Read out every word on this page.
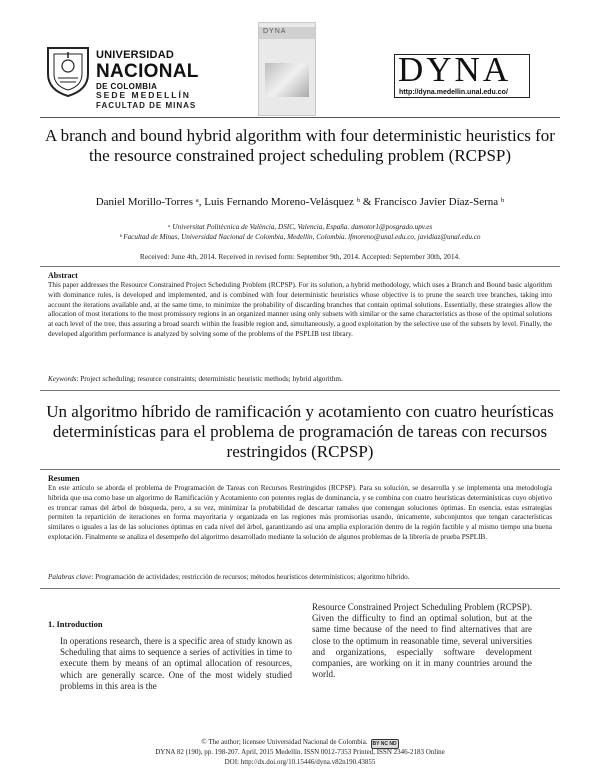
UNIVERSIDAD
NACIONAL
DE COLOMBIA
SEDE MEDELLÍN
FACULTAD DE MINAS
DYNA
DYNA
http://dyna.medellin.unal.edu.co/
A branch and bound hybrid algorithm with four deterministic heuristics for the resource constrained project scheduling problem (RCPSP)
Daniel Morillo-Torres ᵃ, Luis Fernando Moreno-Velásquez ᵇ & Francisco Javier Díaz-Serna ᵇ
ᵃ Universitat Politècnica de València, DSIC, Valencia, España. damotor1@posgrado.upv.es
ᵇ Facultad de Minas, Universidad Nacional de Colombia, Medellín, Colombia. lfmoreno@unal.edu.co, javidiaz@unal.edu.co
Received: June 4th, 2014. Received in revised form: September 9th, 2014. Accepted: September 30th, 2014.
Abstract
This paper addresses the Resource Constrained Project Scheduling Problem (RCPSP). For its solution, a hybrid methodology, which uses a Branch and Bound basic algorithm with dominance rules, is developed and implemented, and is combined with four deterministic heuristics whose objective is to prune the search tree branches, taking into account the iterations available and, at the same time, to minimize the probability of discarding branches that contain optimal solutions. Essentially, these strategies allow the allocation of most iterations to the most promissory regions in an organized manner using only subsets with similar or the same characteristics as those of the optimal solutions at each level of the tree, thus assuring a broad search within the feasible region and, simultaneously, a good exploitation by the selective use of the subsets by level. Finally, the developed algorithm performance is analyzed by solving some of the problems of the PSPLIB test library.
Keywords: Project scheduling; resource constraints; deterministic heuristic methods; hybrid algorithm.
Un algoritmo híbrido de ramificación y acotamiento con cuatro heurísticas determinísticas para el problema de programación de tareas con recursos restringidos (RCPSP)
Resumen
En este artículo se aborda el problema de Programación de Tareas con Recursos Restringidos (RCPSP). Para su solución, se desarrolla y se implementa una metodología híbrida que usa como base un algoritmo de Ramificación y Acotamiento con potentes reglas de dominancia, y se combina con cuatro heurísticas determinísticas cuyo objetivo es truncar ramas del árbol de búsqueda, pero, a su vez, minimizar la probabilidad de descartar ramales que contengan soluciones óptimas. En esencia, estas estrategias permiten la repartición de iteraciones en forma mayoritaria y organizada en las regiones más promisorias usando, únicamente, subconjuntos que tengan características similares o iguales a las de las soluciones óptimas en cada nivel del árbol, garantizando así una amplia exploración dentro de la región factible y al mismo tiempo una buena explotación. Finalmente se analiza el desempeño del algoritmo desarrollado mediante la solución de algunos problemas de la librería de prueba PSPLIB.
Palabras clave: Programación de actividades; restricción de recursos; métodos heurísticos determinísticos; algoritmo híbrido.
1. Introduction
In operations research, there is a specific area of study known as Scheduling that aims to sequence a series of activities in time to execute them by means of an optimal allocation of resources, which are generally scarce. One of the most widely studied problems in this area is the
Resource Constrained Project Scheduling Problem (RCPSP). Given the difficulty to find an optimal solution, but at the same time because of the need to find alternatives that are close to the optimum in reasonable time, several universities and organizations, especially software development companies, are working on it in many countries around the world.
© The author; licensee Universidad Nacional de Colombia. BY NC ND
DYNA 82 (190), pp. 198-207. April, 2015 Medellín. ISSN 0012-7353 Printed, ISSN 2346-2183 Online
DOI: http://dx.doi.org/10.15446/dyna.v82n190.43855
